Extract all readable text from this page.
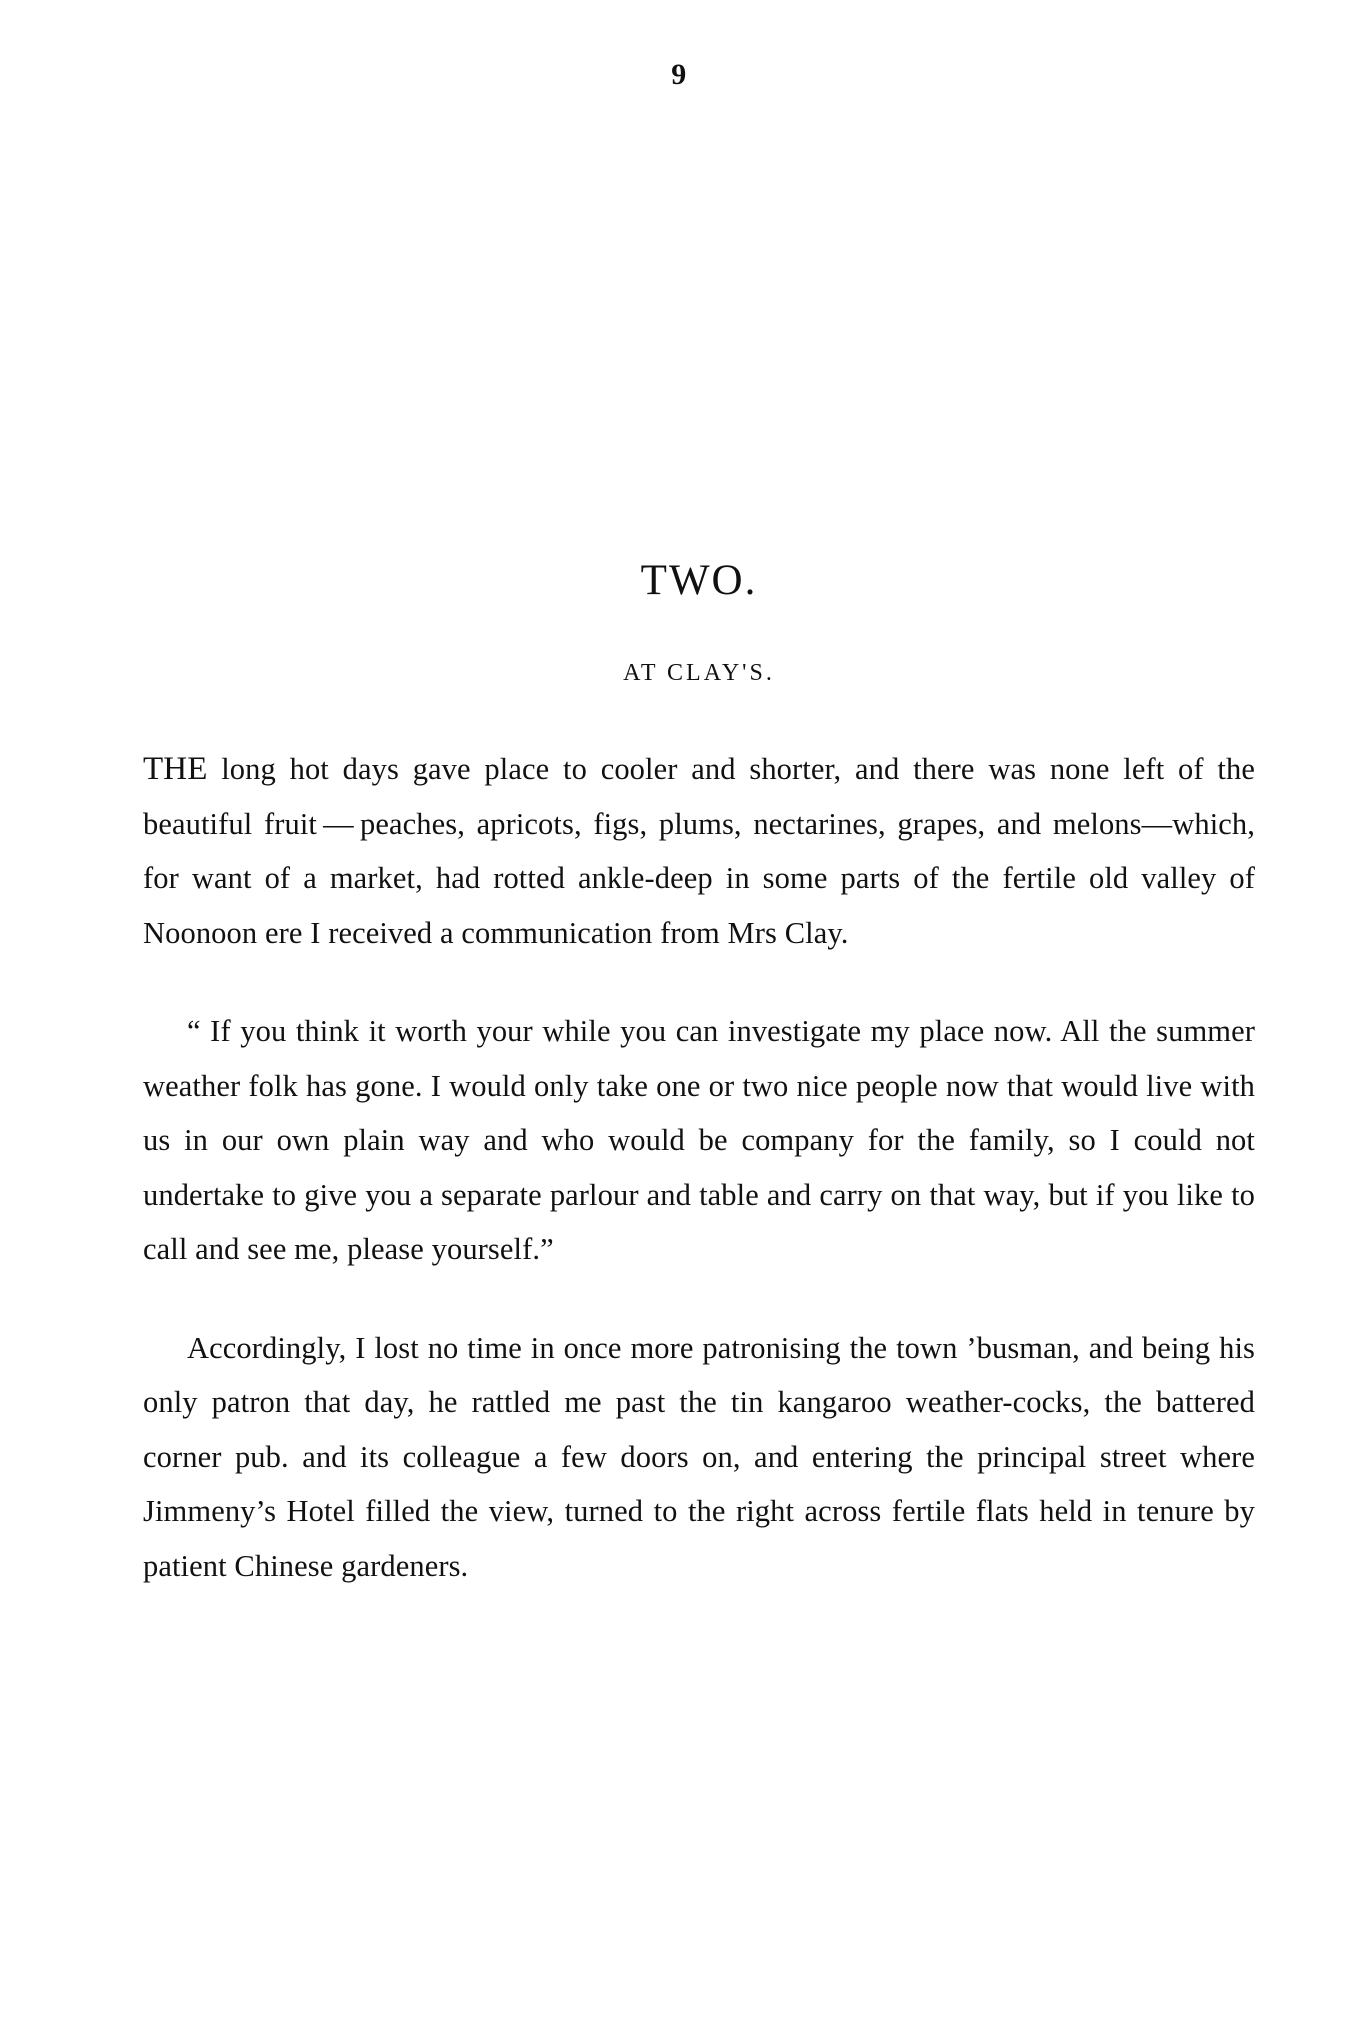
9
TWO.
AT CLAY'S.

THE long hot days gave place to cooler and shorter, and there was none left of the beautiful fruit — peaches, apricots, figs, plums, nectarines, grapes, and melons—which, for want of a market, had rotted ankle-deep in some parts of the fertile old valley of Noonoon ere I received a communication from Mrs Clay.

“ If you think it worth your while you can investigate my place now. All the summer weather folk has gone. I would only take one or two nice people now that would live with us in our own plain way and who would be company for the family, so I could not undertake to give you a separate parlour and table and carry on that way, but if you like to call and see me, please yourself.”

Accordingly, I lost no time in once more patronising the town ’busman, and being his only patron that day, he rattled me past the tin kangaroo weather-cocks, the battered corner pub. and its colleague a few doors on, and entering the principal street where Jimmeny’s Hotel filled the view, turned to the right across fertile flats held in tenure by patient Chinese gardeners.
